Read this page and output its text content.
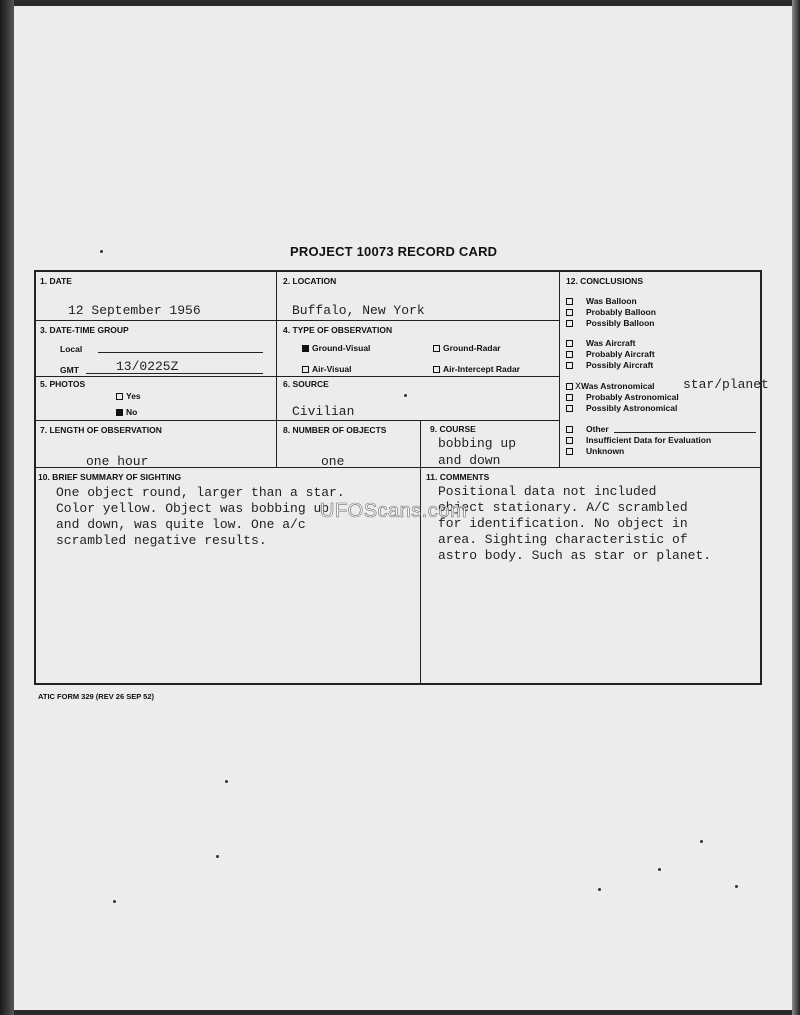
PROJECT 10073 RECORD CARD
1. DATE
12 September 1956
2. LOCATION
Buffalo, New York
3. DATE-TIME GROUP
Local
GMT	13/0225Z
4. TYPE OF OBSERVATION
Ground-Visual	Ground-Radar
Air-Visual	Air-Intercept Radar
5. PHOTOS
Yes
No
6. SOURCE
Civilian
7. LENGTH OF OBSERVATION
one hour
8. NUMBER OF OBJECTS
one
9. COURSE
bobbing up
and down
12. CONCLUSIONS
Was Balloon
Probably Balloon
Possibly Balloon
Was Aircraft
Probably Aircraft
Possibly Aircraft
XWas Astronomical star/planet
Probably Astronomical
Possibly Astronomical
Other
Insufficient Data for Evaluation
Unknown
10. BRIEF SUMMARY OF SIGHTING
One object round, larger than a star.
Color yellow. Object was bobbing up
and down, was quite low. One a/c
scrambled negative results.
11. COMMENTS
Positional data not included
object stationary. A/C scrambled
for identification. No object in
area. Sighting characteristic of
astro body. Such as star or planet.
UFOScans.com
ATIC FORM 329 (REV 26 SEP 52)
